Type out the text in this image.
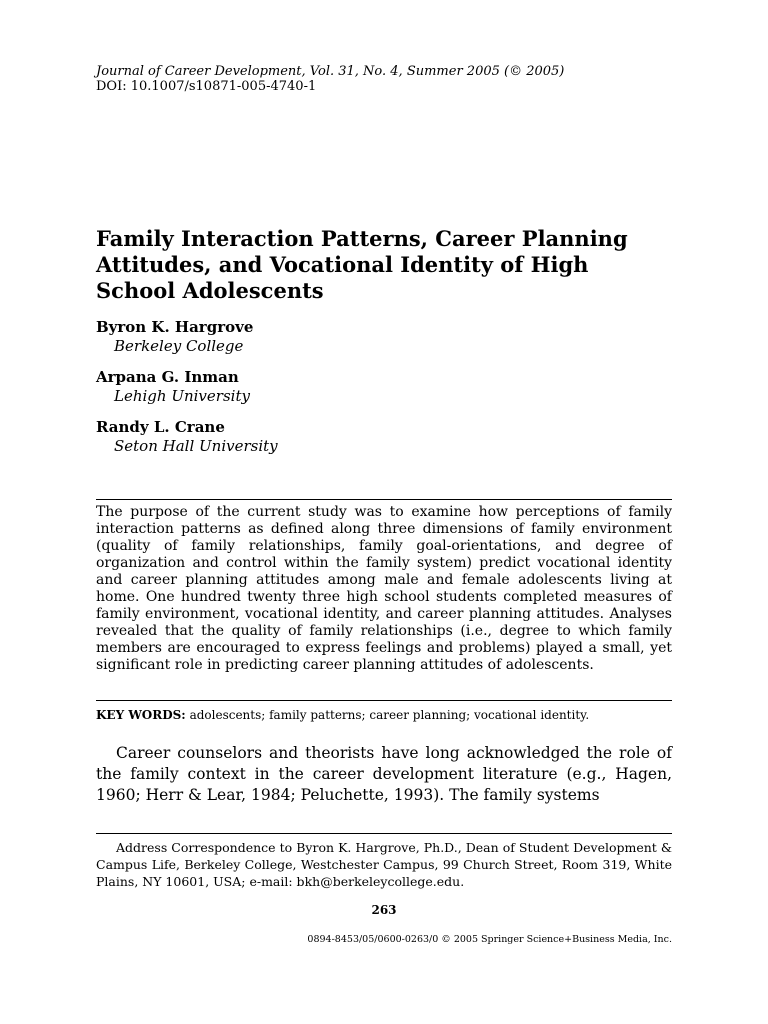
Journal of Career Development, Vol. 31, No. 4, Summer 2005 (© 2005)
DOI: 10.1007/s10871-005-4740-1
Family Interaction Patterns, Career Planning Attitudes, and Vocational Identity of High School Adolescents
Byron K. Hargrove
Berkeley College
Arpana G. Inman
Lehigh University
Randy L. Crane
Seton Hall University

The purpose of the current study was to examine how perceptions of family interaction patterns as defined along three dimensions of family environment (quality of family relationships, family goal-orientations, and degree of organization and control within the family system) predict vocational identity and career planning attitudes among male and female adolescents living at home. One hundred twenty three high school students completed measures of family environment, vocational identity, and career planning attitudes. Analyses revealed that the quality of family relationships (i.e., degree to which family members are encouraged to express feelings and problems) played a small, yet significant role in predicting career planning attitudes of adolescents.

KEY WORDS: adolescents; family patterns; career planning; vocational identity.

Career counselors and theorists have long acknowledged the role of the family context in the career development literature (e.g., Hagen, 1960; Herr & Lear, 1984; Peluchette, 1993). The family systems

Address Correspondence to Byron K. Hargrove, Ph.D., Dean of Student Development & Campus Life, Berkeley College, Westchester Campus, 99 Church Street, Room 319, White Plains, NY 10601, USA; e-mail: bkh@berkeleycollege.edu.

263
0894-8453/05/0600-0263/0 © 2005 Springer Science+Business Media, Inc.
